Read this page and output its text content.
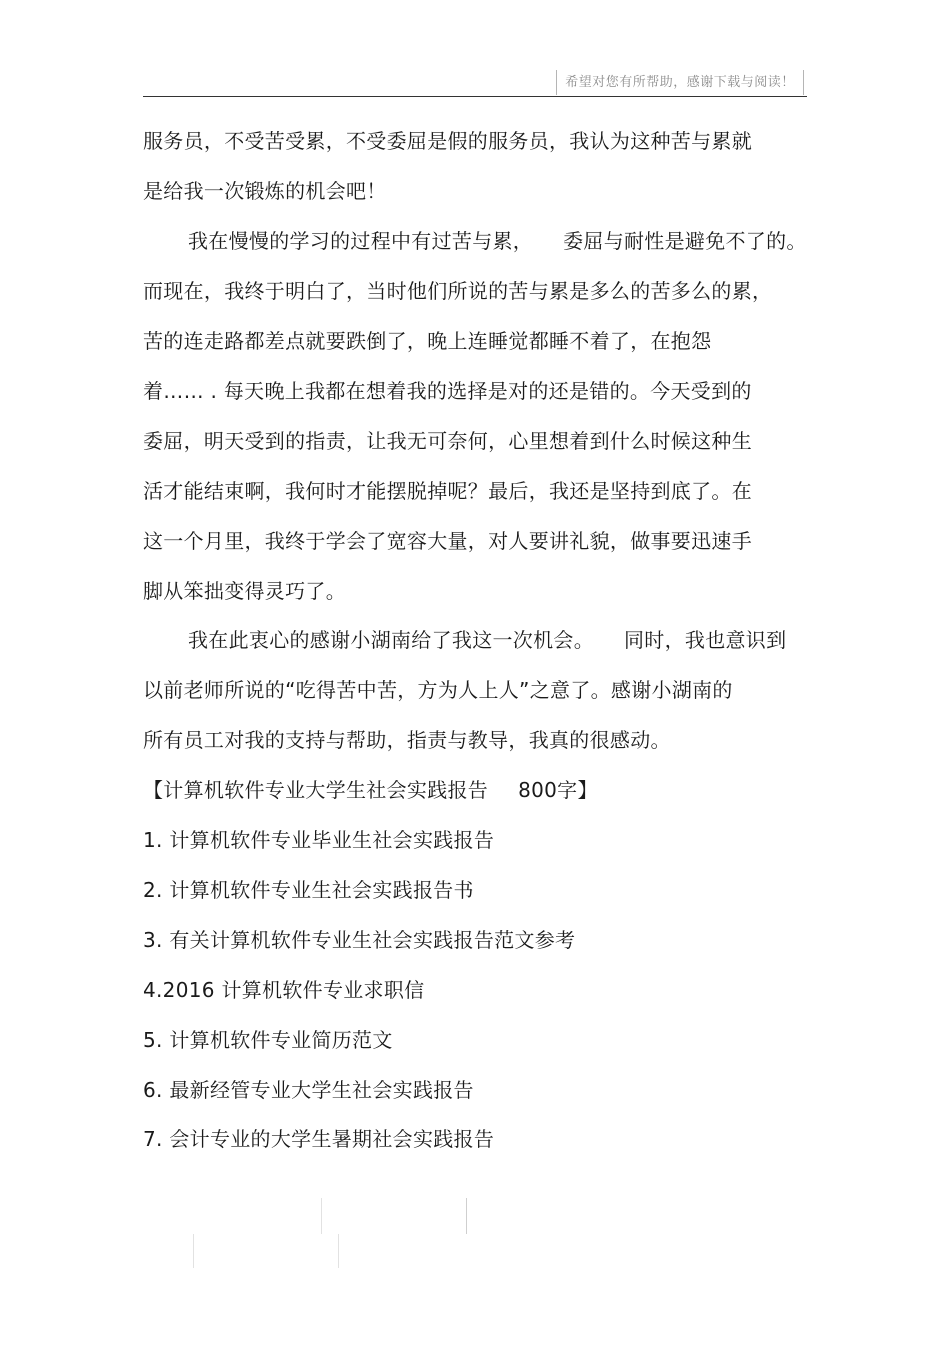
希望对您有所帮助，感谢下载与阅读！
服务员，不受苦受累，不受委屈是假的服务员，我认为这种苦与累就
是给我一次锻炼的机会吧！
我在慢慢的学习的过程中有过苦与累， 委屈与耐性是避免不了的。
而现在，我终于明白了，当时他们所说的苦与累是多么的苦多么的累，
苦的连走路都差点就要跌倒了，晚上连睡觉都睡不着了，在抱怨
着…… . 每天晚上我都在想着我的选择是对的还是错的。今天受到的
委屈，明天受到的指责，让我无可奈何，心里想着到什么时候这种生
活才能结束啊，我何时才能摆脱掉呢？最后，我还是坚持到底了。在
这一个月里，我终于学会了宽容大量，对人要讲礼貌，做事要迅速手
脚从笨拙变得灵巧了。
我在此衷心的感谢小湖南给了我这一次机会。 同时，我也意识到
以前老师所说的“吃得苦中苦，方为人上人”之意了。感谢小湖南的
所有员工对我的支持与帮助，指责与教导，我真的很感动。
【计算机软件专业大学生社会实践报告 800字】
1. 计算机软件专业毕业生社会实践报告
2. 计算机软件专业生社会实践报告书
3. 有关计算机软件专业生社会实践报告范文参考
4.2016 计算机软件专业求职信
5. 计算机软件专业简历范文
6. 最新经管专业大学生社会实践报告
7. 会计专业的大学生暑期社会实践报告
